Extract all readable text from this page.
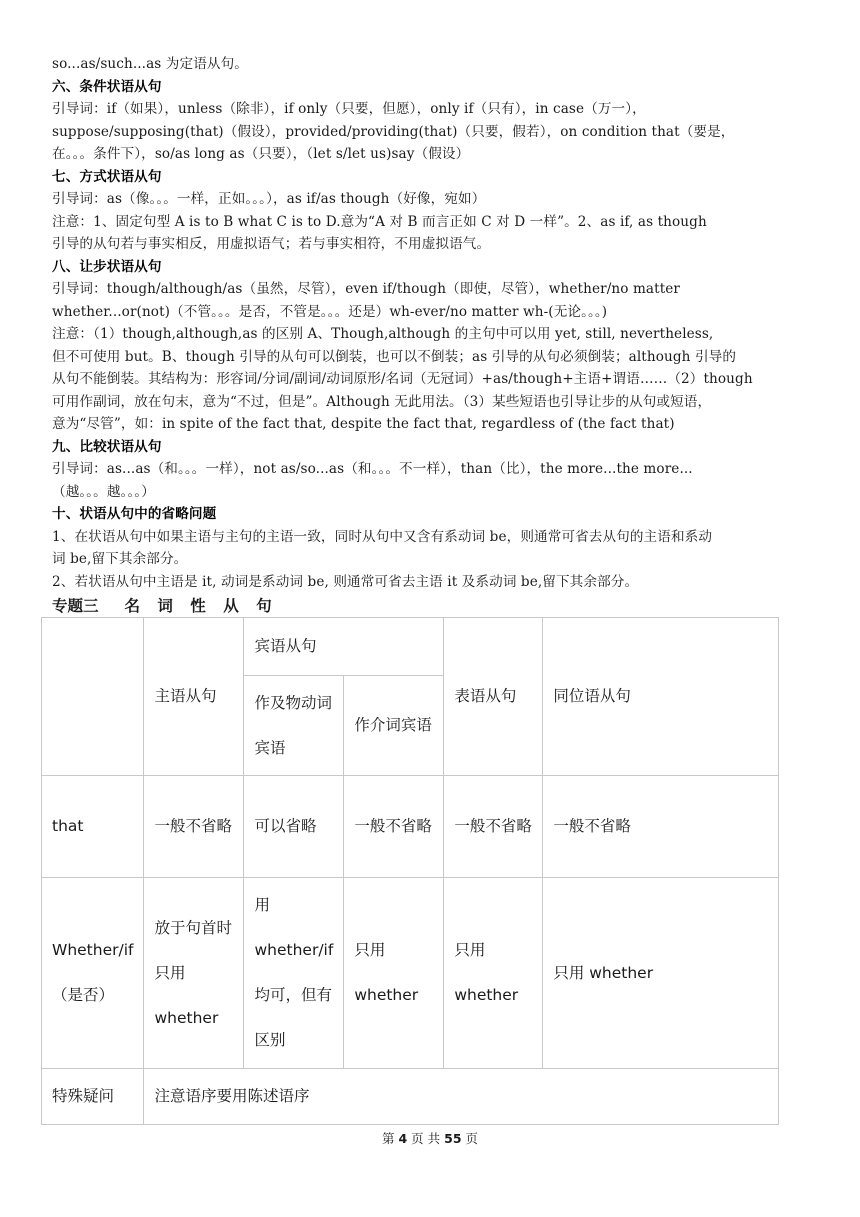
so...as/such...as 为定语从句。
六、条件状语从句
引导词：if（如果），unless（除非），if only（只要，但愿），only if（只有），in case（万一），
suppose/supposing(that)（假设），provided/providing(that)（只要，假若），on condition that（要是，
在。。。条件下），so/as long as（只要），（let s/let us)say（假设）
七、方式状语从句
引导词：as（像。。。一样，正如。。。），as if/as though（好像，宛如）
注意：1、固定句型 A is to B what C is to D.意为“A 对 B 而言正如 C 对 D 一样”。2、as if, as though
引导的从句若与事实相反，用虚拟语气；若与事实相符，不用虚拟语气。
八、让步状语从句
引导词：though/although/as（虽然，尽管），even if/though（即使，尽管），whether/no matter
whether...or(not)（不管。。。是否，不管是。。。还是）wh-ever/no matter wh-(无论。。。)
注意：（1）though,although,as 的区别 A、Though,although 的主句中可以用 yet, still, nevertheless,
但不可使用 but。B、though 引导的从句可以倒装，也可以不倒装；as 引导的从句必须倒装；although 引导的
从句不能倒装。其结构为：形容词/分词/副词/动词原形/名词（无冠词）+as/though+主语+谓语……（2）though
可用作副词，放在句末，意为“不过，但是”。Although 无此用法。（3）某些短语也引导让步的从句或短语，
意为“尽管”，如：in spite of the fact that, despite the fact that, regardless of (the fact that)
九、比较状语从句
引导词：as...as（和。。。一样），not as/so...as（和。。。不一样），than（比），the more...the more...
（越。。。越。。。）
十、状语从句中的省略问题
1、在状语从句中如果主语与主句的主语一致，同时从句中又含有系动词 be，则通常可省去从句的主语和系动
词 be,留下其余部分。
2、若状语从句中主语是 it, 动词是系动词 be, 则通常可省去主语 it 及系动词 be,留下其余部分。
专题三 名 词 性 从 句
	主语从句	宾语从句		表语从句	同位语从句
		作及物动词宾语	作介词宾语		
that	一般不省略	可以省略	一般不省略	一般不省略	一般不省略
Whether/if（是否）	放于句首时只用 whether	用 whether/if 均可，但有区别	只用 whether	只用 whether	只用 whether
特殊疑问	注意语序要用陈述语序				
第 4 页 共 55 页
